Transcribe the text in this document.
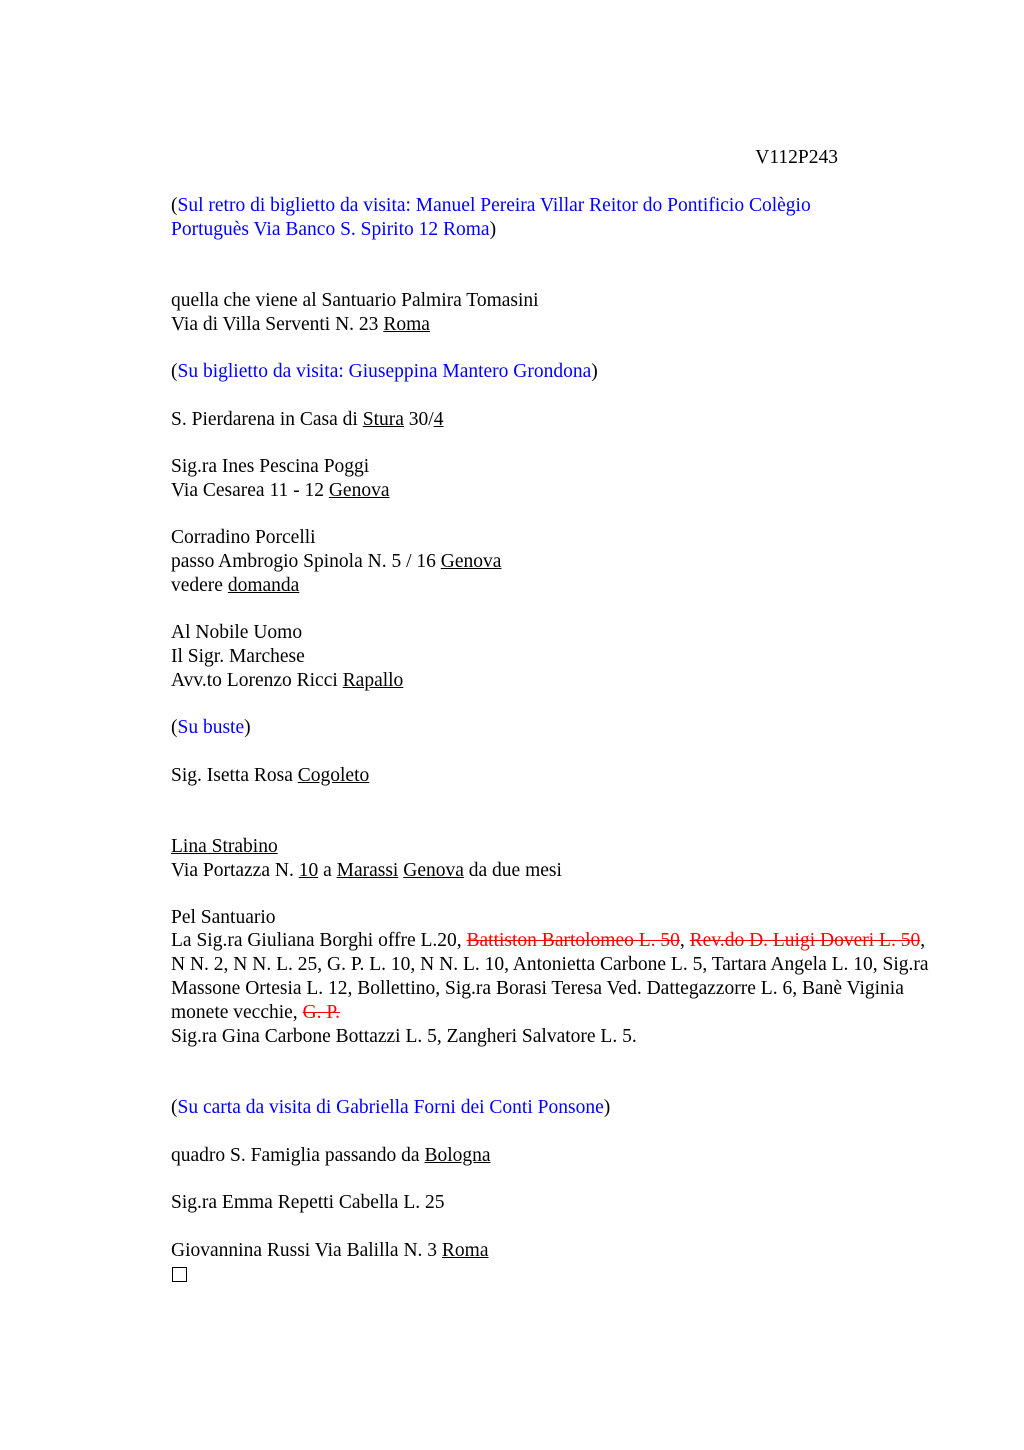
V112P243
(Sul retro di biglietto da visita: Manuel Pereira Villar Reitor do Pontificio Colègio
Portuguès Via Banco S. Spirito 12 Roma)
quella che viene al Santuario Palmira Tomasini
Via di Villa Serventi N. 23 Roma
(Su biglietto da visita: Giuseppina Mantero Grondona)
S. Pierdarena in Casa di Stura 30/4
Sig.ra Ines Pescina Poggi
Via Cesarea 11 - 12 Genova
Corradino Porcelli
passo Ambrogio Spinola N. 5 / 16 Genova
vedere domanda
Al Nobile Uomo
Il Sigr. Marchese
Avv.to Lorenzo Ricci Rapallo
(Su buste)
Sig. Isetta Rosa Cogoleto
Lina Strabino
Via Portazza N. 10 a Marassi Genova da due mesi
Pel Santuario
La Sig.ra Giuliana Borghi offre L.20, Battiston Bartolomeo L. 50, Rev.do D. Luigi Doveri L. 50, N N. 2, N N. L. 25, G. P. L. 10, N N. L. 10, Antonietta Carbone L. 5, Tartara Angela L. 10, Sig.ra Massone Ortesia L. 12, Bollettino, Sig.ra Borasi Teresa Ved. Dattegazzorre L. 6, Banè Viginia monete vecchie, G. P.
Sig.ra Gina Carbone Bottazzi L. 5, Zangheri Salvatore L. 5.
(Su carta da visita di Gabriella Forni dei Conti Ponsone)
quadro S. Famiglia passando da Bologna
Sig.ra Emma Repetti Cabella L. 25
Giovannina Russi Via Balilla N. 3 Roma
